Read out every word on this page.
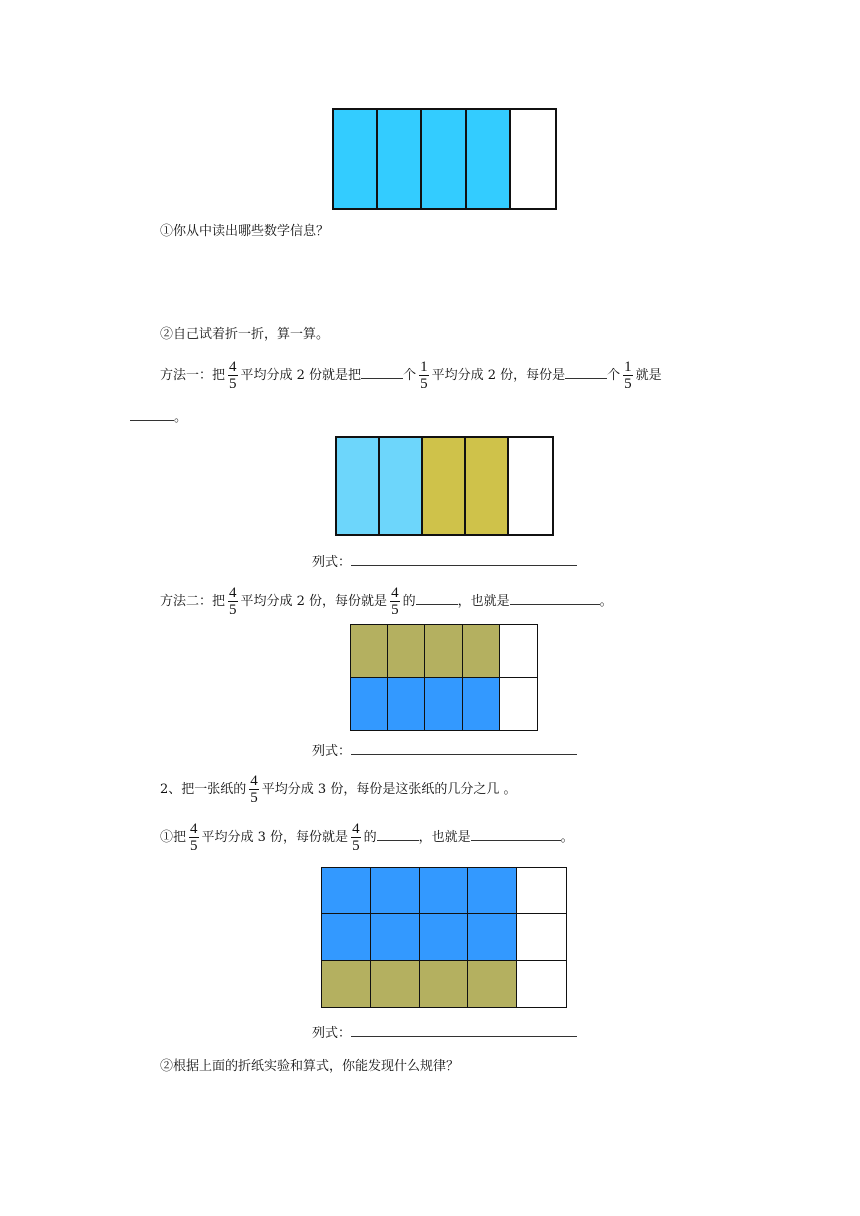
①你从中读出哪些数学信息？
②自己试着折一折，算一算。
方法一：把 $\frac{4}{5}$ 平均分成 2 份就是把	个 $\frac{1}{5}$ 平均分成 2 份，每份是	个 $\frac{1}{5}$ 就是
。
列式：
方法二：把 $\frac{4}{5}$ 平均分成 2 份，每份就是 $\frac{4}{5}$ 的	，也就是	。
列式：
2、把一张纸的 $\frac{4}{5}$ 平均分成 3 份，每份是这张纸的几分之几 。
①把 $\frac{4}{5}$ 平均分成 3 份，每份就是 $\frac{4}{5}$ 的	，也就是	。
列式：
②根据上面的折纸实验和算式，你能发现什么规律？
